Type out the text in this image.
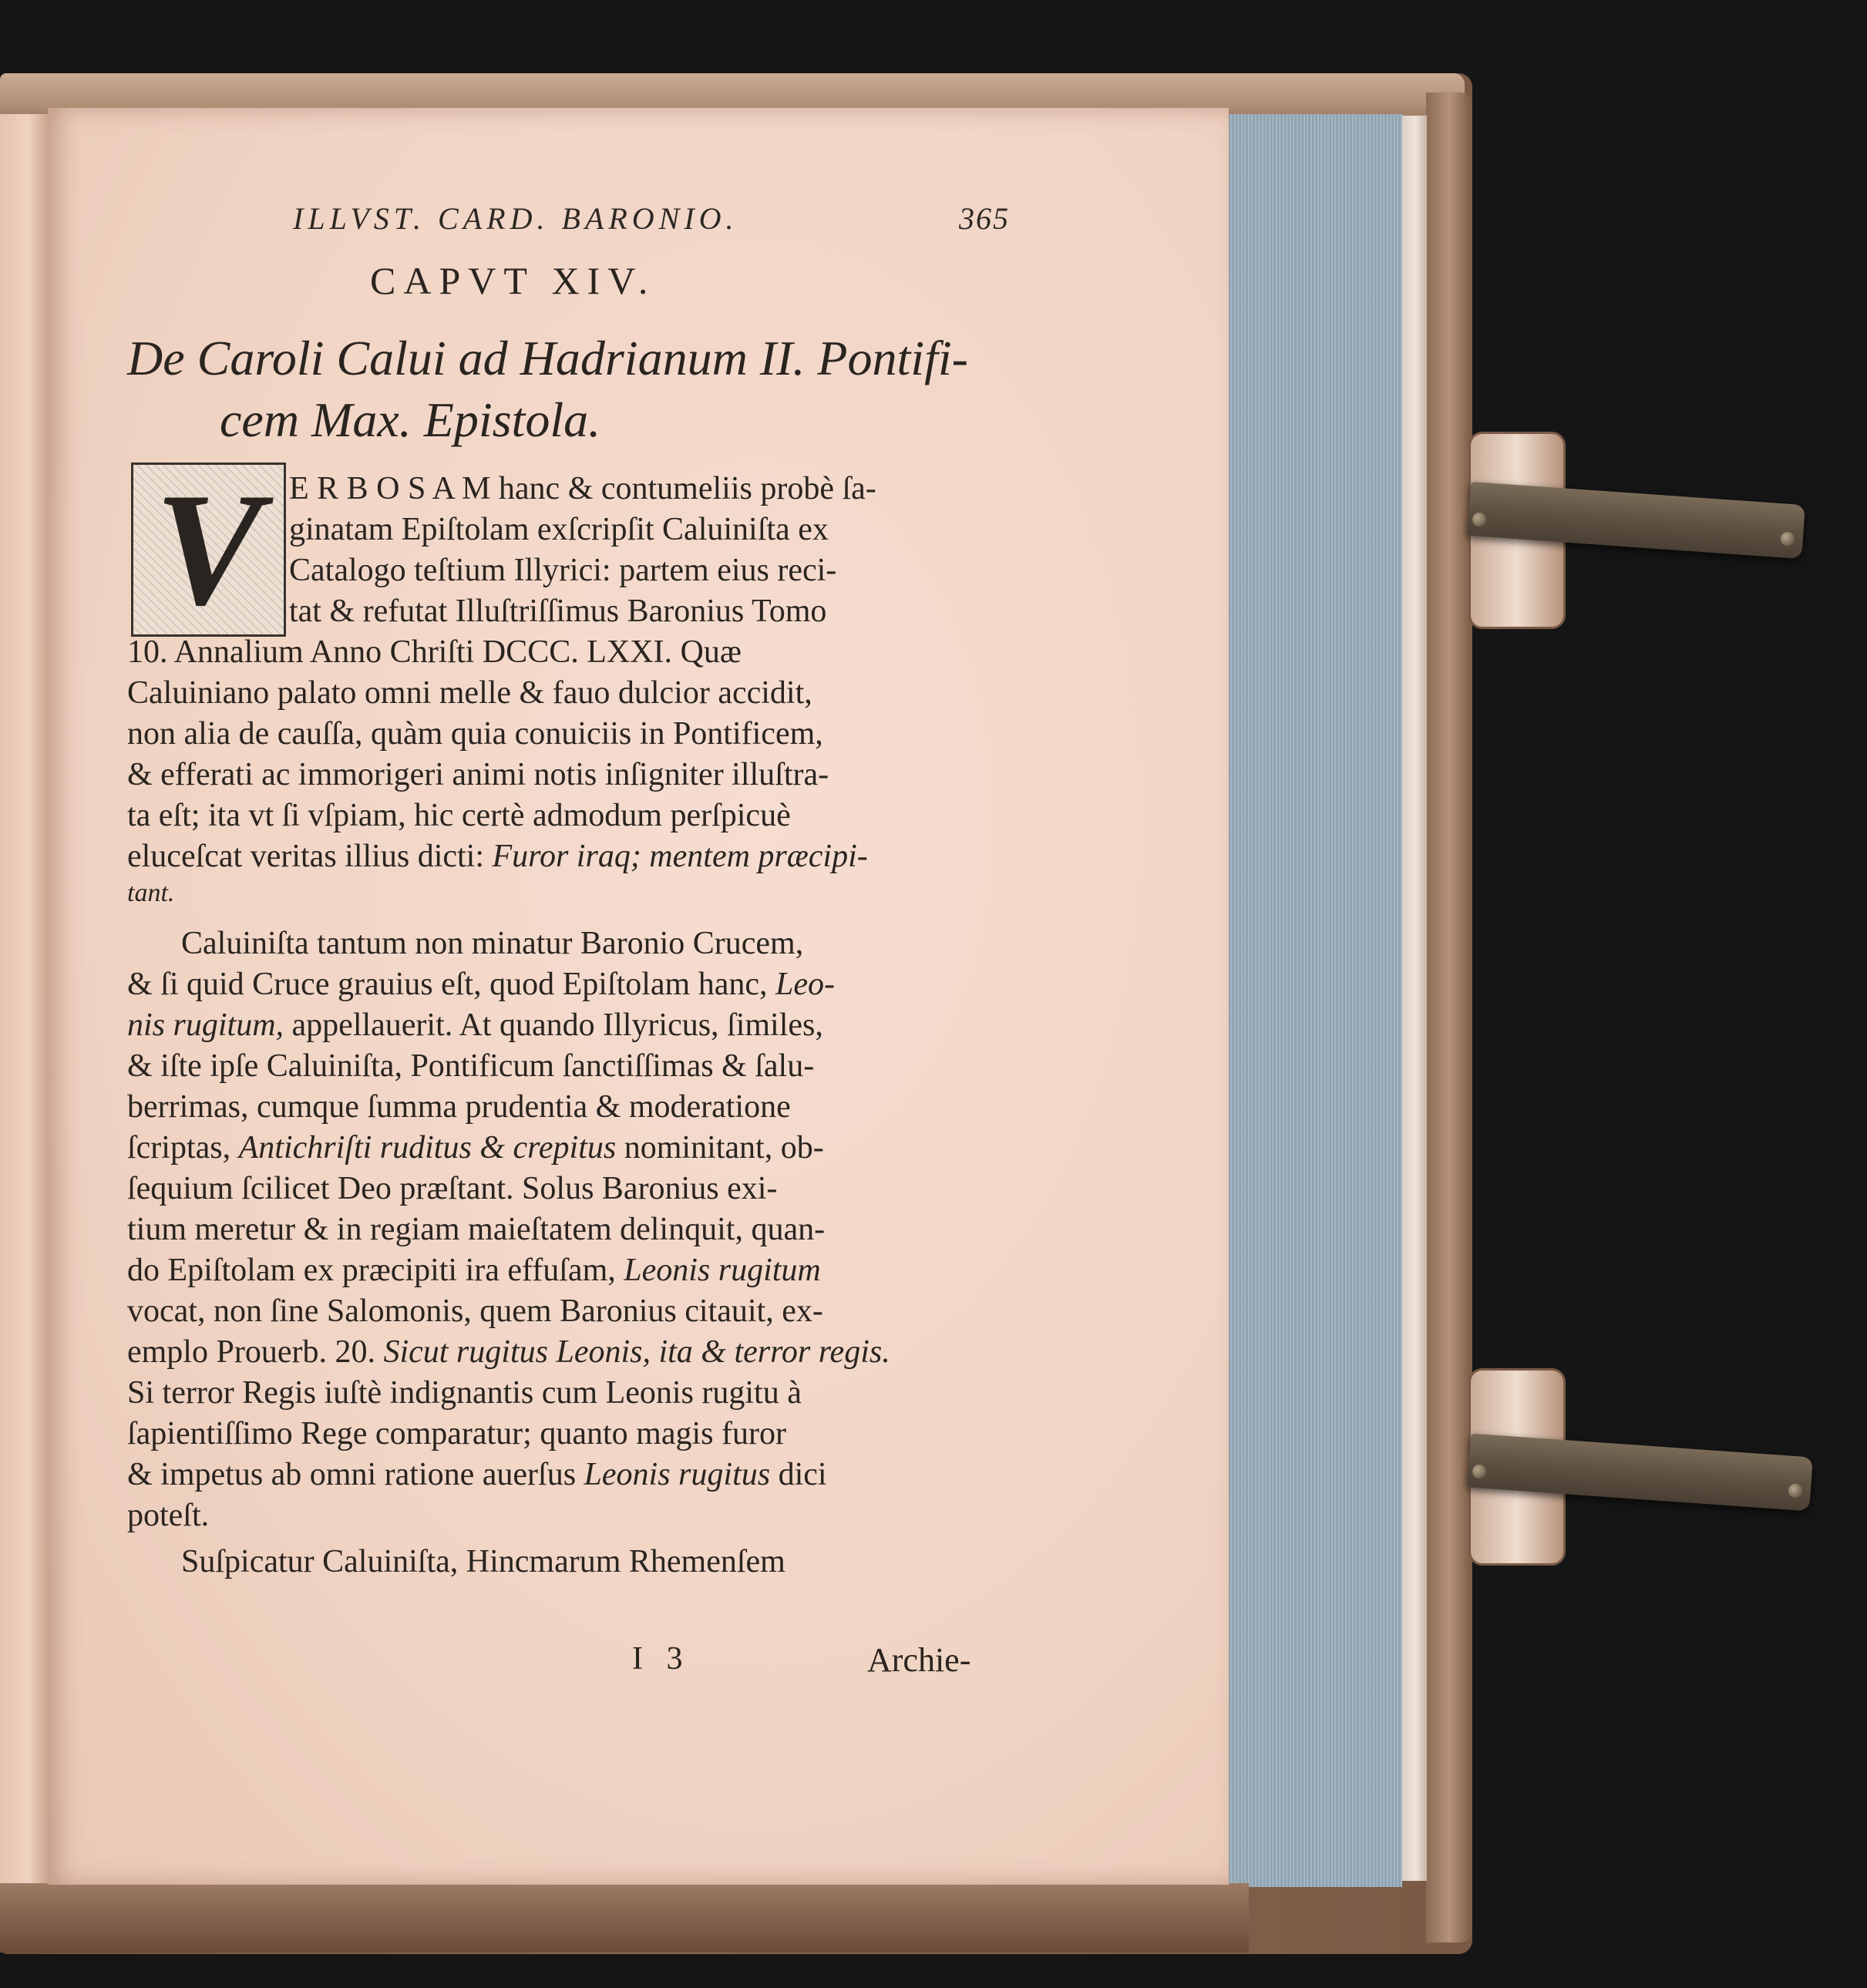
ILLVST. CARD. BARONIO.	365
CAPVT XIV.
De Caroli Calui ad Hadrianum II. Pontifi-
cem Max. Epistola.
V E R B O S A M hanc & contumeliis probè ſa-
ginatam Epiſtolam exſcripſit Caluiniſta ex
Catalogo teſtium Illyrici: partem eius reci-
tat & refutat Illuſtriſſimus Baronius Tomo
10. Annalium Anno Chriſti DCCC. LXXI. Quæ
Caluiniano palato omni melle & fauo dulcior accidit,
non alia de cauſſa, quàm quia conuiciis in Pontificem,
& efferati ac immorigeri animi notis inſigniter illuſtra-
ta eſt; ita vt ſi vſpiam, hic certè admodum perſpicuè
eluceſcat veritas illius dicti: Furor iraq; mentem præcipi-
tant.
Caluiniſta tantum non minatur Baronio Crucem,
& ſi quid Cruce grauius eſt, quod Epiſtolam hanc, Leo-
nis rugitum, appellauerit. At quando Illyricus, ſimiles,
& iſte ipſe Caluiniſta, Pontificum ſanctiſſimas & ſalu-
berrimas, cumque ſumma prudentia & moderatione
ſcriptas, Antichriſti ruditus & crepitus nominitant, ob-
ſequium ſcilicet Deo præſtant. Solus Baronius exi-
tium meretur & in regiam maieſtatem delinquit, quan-
do Epiſtolam ex præcipiti ira effuſam, Leonis rugitum
vocat, non ſine Salomonis, quem Baronius citauit, ex-
emplo Prouerb. 20. Sicut rugitus Leonis, ita & terror regis.
Si terror Regis iuſtè indignantis cum Leonis rugitu à
ſapientiſſimo Rege comparatur; quanto magis furor
& impetus ab omni ratione auerſus Leonis rugitus dici
poteſt.
Suſpicatur Caluiniſta, Hincmarum Rhemenſem
I 3	Archie-
